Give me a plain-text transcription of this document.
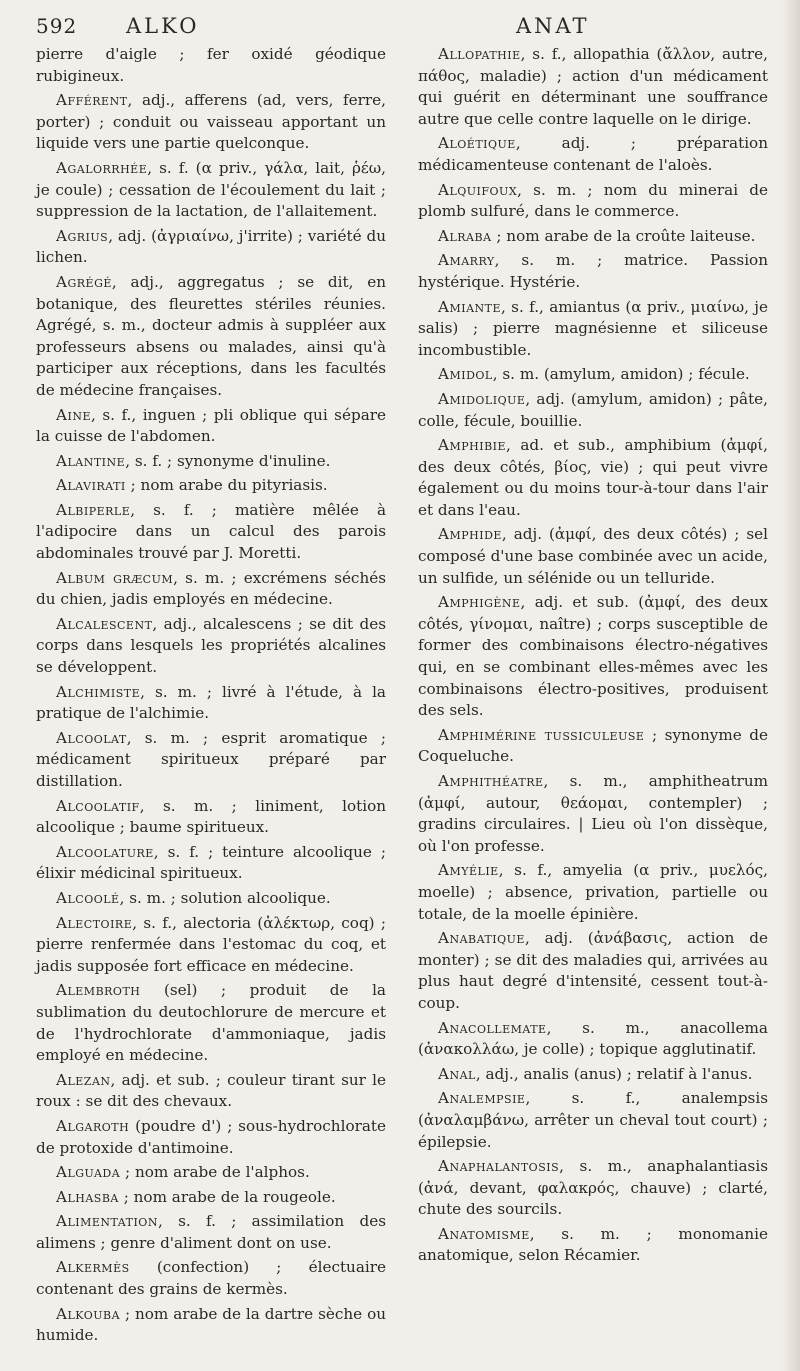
592 ALKO	ANAT

pierre d'aigle ; fer oxidé géodique rubigineux.

Afférent, adj., afferens (ad, vers, ferre, porter) ; conduit ou vaisseau apportant un liquide vers une partie quelconque.

Agalorrhée, s. f. (α priv., γάλα, lait, ῥέω, je coule) ; cessation de l'écoulement du lait ; suppression de la lactation, de l'allaitement.

Agrius, adj. (ἀγριαίνω, j'irrite) ; variété du lichen.

Agrégé, adj., aggregatus ; se dit, en botanique, des fleurettes stériles réunies. Agrégé, s. m., docteur admis à suppléer aux professeurs absens ou malades, ainsi qu'à participer aux réceptions, dans les facultés de médecine françaises.

Aine, s. f., inguen ; pli oblique qui sépare la cuisse de l'abdomen.

Alantine, s. f. ; synonyme d'inuline.

Alavirati ; nom arabe du pityriasis.

Albiperle, s. f. ; matière mêlée à l'adipocire dans un calcul des parois abdominales trouvé par J. Moretti.

Album græcum, s. m. ; excrémens séchés du chien, jadis employés en médecine.

Alcalescent, adj., alcalescens ; se dit des corps dans lesquels les propriétés alcalines se développent.

Alchimiste, s. m. ; livré à l'étude, à la pratique de l'alchimie.

Alcoolat, s. m. ; esprit aromatique ; médicament spiritueux préparé par distillation.

Alcoolatif, s. m. ; liniment, lotion alcoolique ; baume spiritueux.

Alcoolature, s. f. ; teinture alcoolique ; élixir médicinal spiritueux.

Alcoolé, s. m. ; solution alcoolique.

Alectoire, s. f., alectoria (ἀλέκτωρ, coq) ; pierre renfermée dans l'estomac du coq, et jadis supposée fort efficace en médecine.

Alembroth (sel) ; produit de la sublimation du deutochlorure de mercure et de l'hydrochlorate d'ammoniaque, jadis employé en médecine.

Alezan, adj. et sub. ; couleur tirant sur le roux : se dit des chevaux.

Algaroth (poudre d') ; sous-hydrochlorate de protoxide d'antimoine.

Alguada ; nom arabe de l'alphos.

Alhasba ; nom arabe de la rougeole.

Alimentation, s. f. ; assimilation des alimens ; genre d'aliment dont on use.

Alkermès (confection) ; électuaire contenant des grains de kermès.

Alkouba ; nom arabe de la dartre sèche ou humide.

Allopathie, s. f., allopathia (ἄλλον, autre, πάθος, maladie) ; action d'un médicament qui guérit en déterminant une souffrance autre que celle contre laquelle on le dirige.

Aloétique, adj. ; préparation médicamenteuse contenant de l'aloès.

Alquifoux, s. m. ; nom du minerai de plomb sulfuré, dans le commerce.

Alraba ; nom arabe de la croûte laiteuse.

Amarry, s. m. ; matrice. Passion hystérique. Hystérie.

Amiante, s. f., amiantus (α priv., μιαίνω, je salis) ; pierre magnésienne et siliceuse incombustible.

Amidol, s. m. (amylum, amidon) ; fécule.

Amidolique, adj. (amylum, amidon) ; pâte, colle, fécule, bouillie.

Amphibie, ad. et sub., amphibium (ἀμφί, des deux côtés, βίος, vie) ; qui peut vivre également ou du moins tour-à-tour dans l'air et dans l'eau.

Amphide, adj. (ἀμφί, des deux côtés) ; sel composé d'une base combinée avec un acide, un sulfide, un sélénide ou un telluride.

Amphigène, adj. et sub. (ἀμφί, des deux côtés, γίνομαι, naître) ; corps susceptible de former des combinaisons électro-négatives qui, en se combinant elles-mêmes avec les combinaisons électro-positives, produisent des sels.

Amphimérine tussiculeuse ; synonyme de Coqueluche.

Amphithéatre, s. m., amphitheatrum (ἀμφί, autour, θεάομαι, contempler) ; gradins circulaires. | Lieu où l'on dissèque, où l'on professe.

Amyélie, s. f., amyelia (α priv., μυελός, moelle) ; absence, privation, partielle ou totale, de la moelle épinière.

Anabatique, adj. (ἀνάβασις, action de monter) ; se dit des maladies qui, arrivées au plus haut degré d'intensité, cessent tout-à-coup.

Anacollemate, s. m., anacollema (ἀνακολλάω, je colle) ; topique agglutinatif.

Anal, adj., analis (anus) ; relatif à l'anus.

Analempsie, s. f., analempsis (ἀναλαμβάνω, arrêter un cheval tout court) ; épilepsie.

Anaphalantosis, s. m., anaphalantiasis (ἀνά, devant, φαλακρός, chauve) ; clarté, chute des sourcils.

Anatomisme, s. m. ; monomanie anatomique, selon Récamier.
